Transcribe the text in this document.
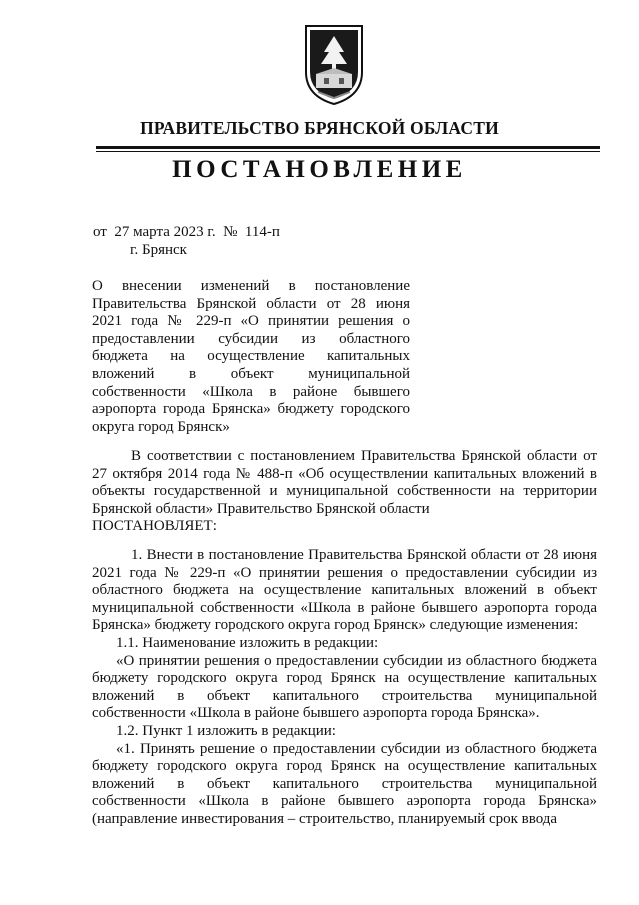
ПРАВИТЕЛЬСТВО БРЯНСКОЙ ОБЛАСТИ
ПОСТАНОВЛЕНИЕ
от  27 марта 2023 г.  №  114-п
г. Брянск
О внесении изменений в постановление Правительства Брянской области от 28 июня 2021 года № 229-п «О принятии решения о предоставлении субсидии из областного бюджета на осуществление капитальных вложений в объект муниципальной собственности «Школа в районе бывшего аэропорта города Брянска» бюджету городского округа город Брянск»

В соответствии с постановлением Правительства Брянской области от 27 октября 2014 года № 488-п «Об осуществлении капитальных вложений в объекты государственной и муниципальной собственности на территории Брянской области» Правительство Брянской области

ПОСТАНОВЛЯЕТ:

1. Внести в постановление Правительства Брянской области от 28 июня 2021 года № 229-п «О принятии решения о предоставлении субсидии из областного бюджета на осуществление капитальных вложений в объект муниципальной собственности «Школа в районе бывшего аэропорта города Брянска» бюджету городского округа город Брянск» следующие изменения:

1.1. Наименование изложить в редакции:

«О принятии решения о предоставлении субсидии из областного бюджета бюджету городского округа город Брянск на осуществление капитальных вложений в объект капитального строительства муниципальной собственности «Школа в районе бывшего аэропорта города Брянска».

1.2. Пункт 1 изложить в редакции:

«1. Принять решение о предоставлении субсидии из областного бюджета бюджету городского округа город Брянск на осуществление капитальных вложений в объект капитального строительства муниципальной собственности «Школа в районе бывшего аэропорта города Брянска» (направление инвестирования – строительство, планируемый срок ввода
